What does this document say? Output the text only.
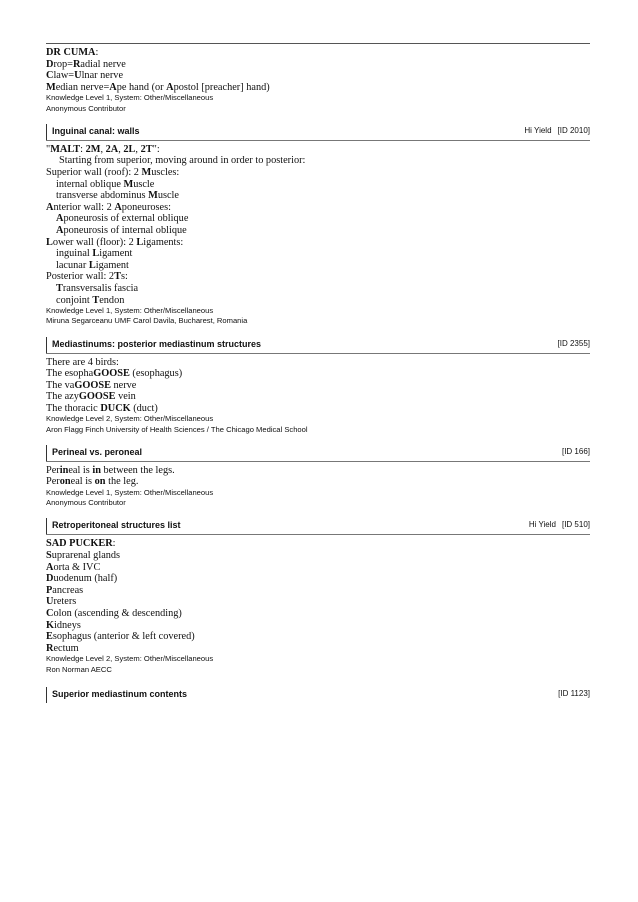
DR CUMA:
Drop=Radial nerve
Claw=Ulnar nerve
Median nerve=Ape hand (or Apostol [preacher] hand)
Knowledge Level 1, System: Other/Miscellaneous
Anonymous Contributor
Inguinal canal: walls	Hi Yield [ID 2010]
"MALT: 2M, 2A, 2L, 2T":
Starting from superior, moving around in order to posterior:
Superior wall (roof): 2 Muscles:
internal oblique Muscle
transverse abdominus Muscle
Anterior wall: 2 Aponeuroses:
Aponeurosis of external oblique
Aponeurosis of internal oblique
Lower wall (floor): 2 Ligaments:
inguinal Ligament
lacunar Ligament
Posterior wall: 2Ts:
Transversalis fascia
conjoint Tendon
Knowledge Level 1, System: Other/Miscellaneous
Miruna Segarceanu UMF Carol Davila, Bucharest, Romania
Mediastinums: posterior mediastinum structures	[ID 2355]
There are 4 birds:
The esophaGOOSE (esophagus)
The vaGOOSE nerve
The azyGOOSE vein
The thoracic DUCK (duct)
Knowledge Level 2, System: Other/Miscellaneous
Aron Flagg Finch University of Health Sciences / The Chicago Medical School
Perineal vs. peroneal	[ID 166]
Perineal is in between the legs.
Peroneal is on the leg.
Knowledge Level 1, System: Other/Miscellaneous
Anonymous Contributor
Retroperitoneal structures list	Hi Yield [ID 510]
SAD PUCKER:
Suprarenal glands
Aorta & IVC
Duodenum (half)
Pancreas
Ureters
Colon (ascending & descending)
Kidneys
Esophagus (anterior & left covered)
Rectum
Knowledge Level 2, System: Other/Miscellaneous
Ron Norman AECC
Superior mediastinum contents	[ID 1123]
